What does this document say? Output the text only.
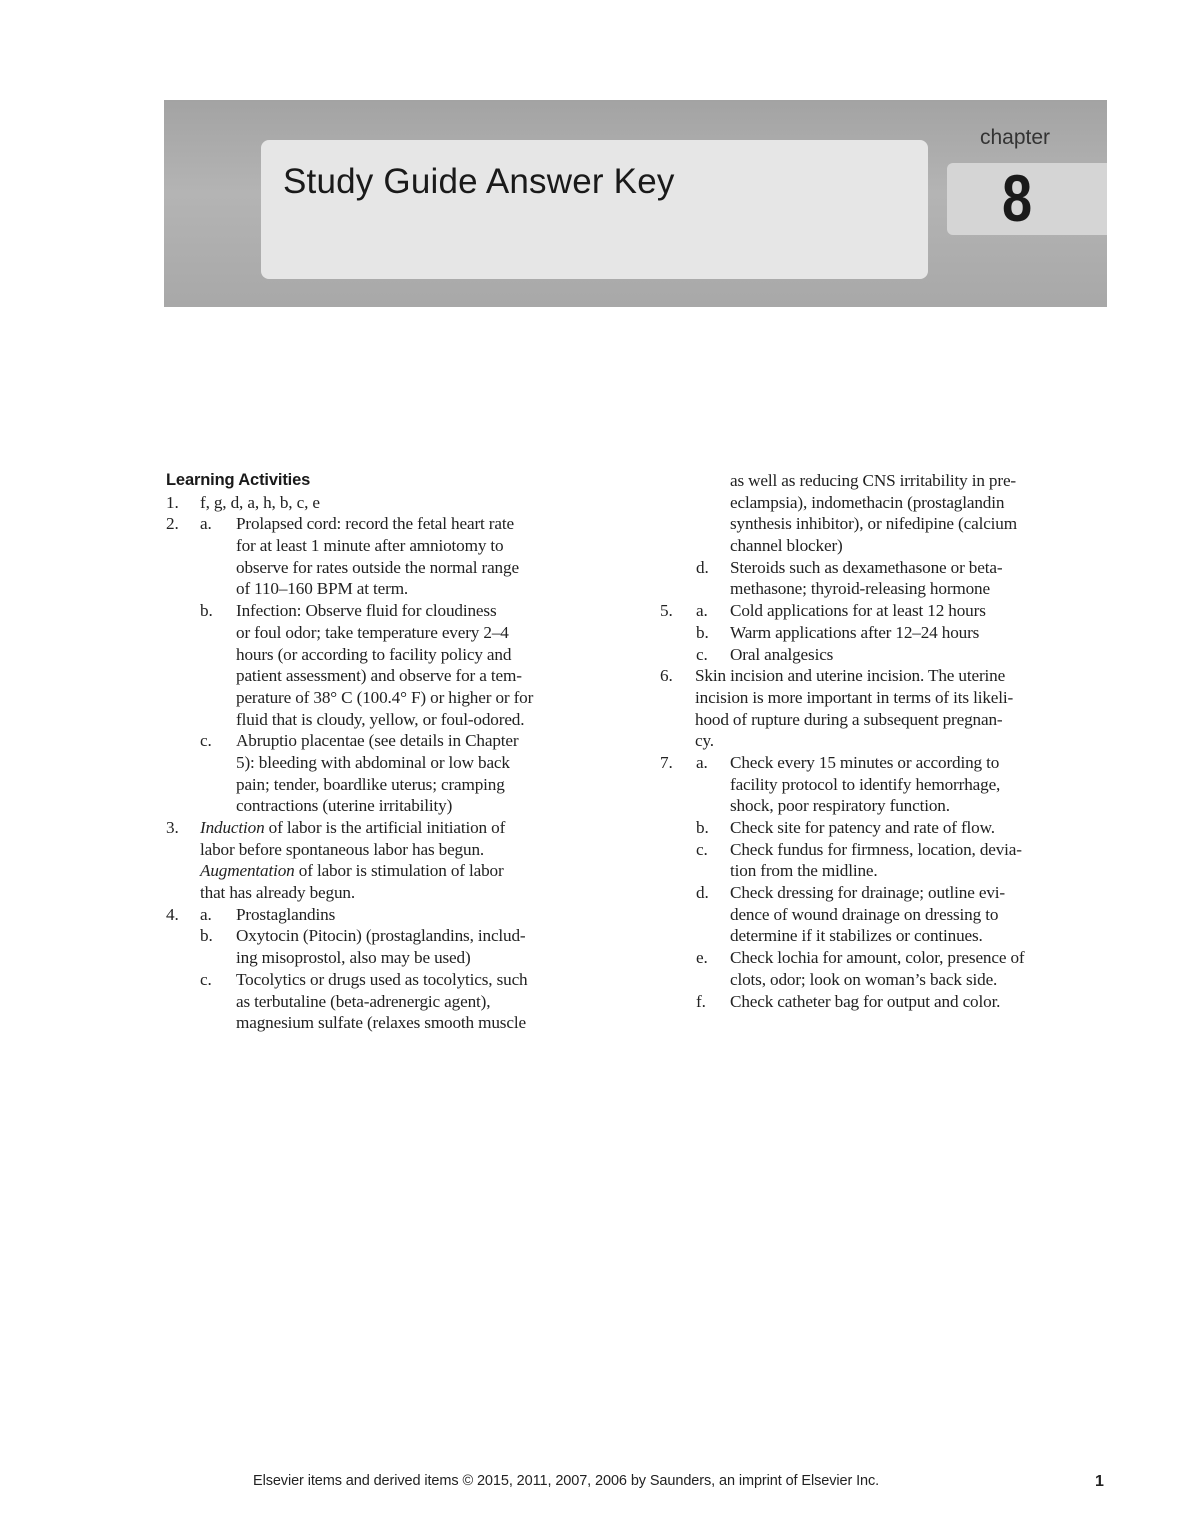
Study Guide Answer Key
chapter
8
Learning Activities
1. f, g, d, a, h, b, c, e
2. a. Prolapsed cord: record the fetal heart rate
for at least 1 minute after amniotomy to
observe for rates outside the normal range
of 110–160 BPM at term.
b. Infection: Observe fluid for cloudiness
or foul odor; take temperature every 2–4
hours (or according to facility policy and
patient assessment) and observe for a tem-
perature of 38° C (100.4° F) or higher or for
fluid that is cloudy, yellow, or foul-odored.
c. Abruptio placentae (see details in Chapter
5): bleeding with abdominal or low back
pain; tender, boardlike uterus; cramping
contractions (uterine irritability)
3. Induction of labor is the artificial initiation of
labor before spontaneous labor has begun.
Augmentation of labor is stimulation of labor
that has already begun.
4. a. Prostaglandins
b. Oxytocin (Pitocin) (prostaglandins, includ-
ing misoprostol, also may be used)
c. Tocolytics or drugs used as tocolytics, such
as terbutaline (beta-adrenergic agent),
magnesium sulfate (relaxes smooth muscle
as well as reducing CNS irritability in pre-
eclampsia), indomethacin (prostaglandin
synthesis inhibitor), or nifedipine (calcium
channel blocker)
d. Steroids such as dexamethasone or beta-
methasone; thyroid-releasing hormone
5. a. Cold applications for at least 12 hours
b. Warm applications after 12–24 hours
c. Oral analgesics
6. Skin incision and uterine incision. The uterine
incision is more important in terms of its likeli-
hood of rupture during a subsequent pregnan-
cy.
7. a. Check every 15 minutes or according to
facility protocol to identify hemorrhage,
shock, poor respiratory function.
b. Check site for patency and rate of flow.
c. Check fundus for firmness, location, devia-
tion from the midline.
d. Check dressing for drainage; outline evi-
dence of wound drainage on dressing to
determine if it stabilizes or continues.
e. Check lochia for amount, color, presence of
clots, odor; look on woman’s back side.
f. Check catheter bag for output and color.
Elsevier items and derived items © 2015, 2011, 2007, 2006 by Saunders, an imprint of Elsevier Inc.	1
